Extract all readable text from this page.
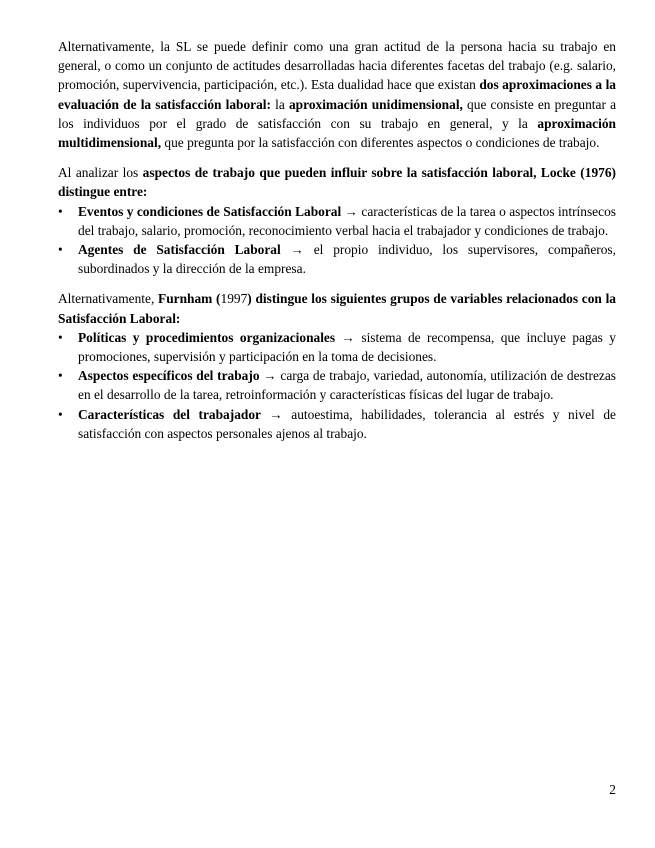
Alternativamente, la SL se puede definir como una gran actitud de la persona hacia su trabajo en general, o como un conjunto de actitudes desarrolladas hacia diferentes facetas del trabajo (e.g. salario, promoción, supervivencia, participación, etc.). Esta dualidad hace que existan dos aproximaciones a la evaluación de la satisfacción laboral: la aproximación unidimensional, que consiste en preguntar a los individuos por el grado de satisfacción con su trabajo en general, y la aproximación multidimensional, que pregunta por la satisfacción con diferentes aspectos o condiciones de trabajo.

Al analizar los aspectos de trabajo que pueden influir sobre la satisfacción laboral, Locke (1976) distingue entre:

• Eventos y condiciones de Satisfacción Laboral → características de la tarea o aspectos intrínsecos del trabajo, salario, promoción, reconocimiento verbal hacia el trabajador y condiciones de trabajo.
• Agentes de Satisfacción Laboral → el propio individuo, los supervisores, compañeros, subordinados y la dirección de la empresa.

Alternativamente, Furnham (1997) distingue los siguientes grupos de variables relacionados con la Satisfacción Laboral:

• Políticas y procedimientos organizacionales → sistema de recompensa, que incluye pagas y promociones, supervisión y participación en la toma de decisiones.
• Aspectos específicos del trabajo → carga de trabajo, variedad, autonomía, utilización de destrezas en el desarrollo de la tarea, retroinformación y características físicas del lugar de trabajo.
• Características del trabajador → autoestima, habilidades, tolerancia al estrés y nivel de satisfacción con aspectos personales ajenos al trabajo.
2
